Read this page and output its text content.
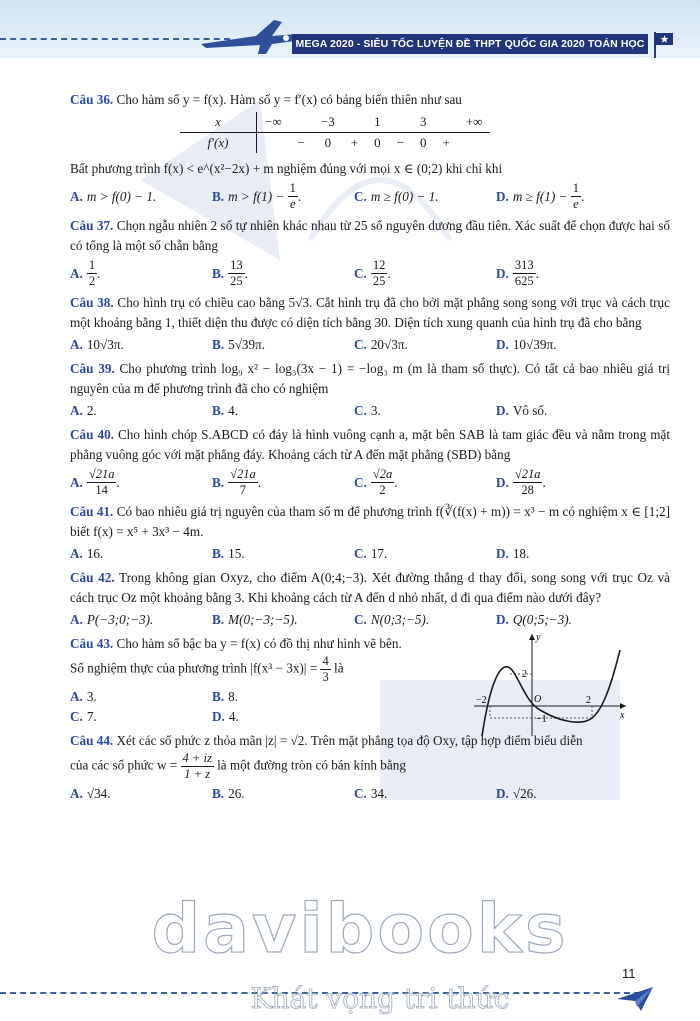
MEGA 2020 - SIÊU TỐC LUYỆN ĐỀ THPT QUỐC GIA 2020 TOÁN HỌC

Câu 36. Cho hàm số y = f(x). Hàm số y = f′(x) có bảng biến thiên như sau

x	−∞		−3		1		3		+∞
f′(x)		−	0	+	0	−	0	+	

Bất phương trình f(x) < e^(x²−2x) + m nghiệm đúng với mọi x ∈ (0;2) khi chỉ khi

A. m > f(0) − 1.	B. m > f(1) −
$\frac{1}{e}$ .	C. m ≥ f(0) − 1.	D. m ≥ f(1) −
$\frac{1}{e}$ .

Câu 37. Chọn ngẫu nhiên 2 số tự nhiên khác nhau từ 25 số nguyên dương đầu tiên. Xác suất để chọn được hai số có tổng là một số chẵn bằng

A. $\frac{1}{2}$ .	B. $\frac{13}{25}$ .	C. $\frac{12}{25}$ .	D. $\frac{313}{625}$ .

Câu 38. Cho hình trụ có chiều cao bằng 5√3. Cắt hình trụ đã cho bởi mặt phẳng song song với trục và cách trục một khoảng bằng 1, thiết diện thu được có diện tích bằng 30. Diện tích xung quanh của hình trụ đã cho bằng

A. 10√3π.	B. 5√39π.	C. 20√3π.	D. 10√39π.

Câu 39. Cho phương trình log₉ x² − log₃(3x − 1) = −log₃ m (m là tham số thực). Có tất cả bao nhiêu giá trị nguyên của m để phương trình đã cho có nghiệm

A. 2.	B. 4.	C. 3.	D. Vô số.

Câu 40. Cho hình chóp S.ABCD có đáy là hình vuông cạnh a, mặt bên SAB là tam giác đều và nằm trong mặt phẳng vuông góc với mặt phẳng đáy. Khoảng cách từ A đến mặt phẳng (SBD) bằng

A. $\frac{√21a}{14}$ .	B. $\frac{√21a}{7}$ .	C. $\frac{√2a}{2}$ .	D. $\frac{√21a}{28}$ .

Câu 41. Có bao nhiêu giá trị nguyên của tham số m để phương trình f(∛(f(x) + m)) = x³ − m có nghiệm x ∈ [1;2] biết f(x) = x⁵ + 3x³ − 4m.

A. 16.	B. 15.	C. 17.	D. 18.

Câu 42. Trong không gian Oxyz, cho điểm A(0;4;−3). Xét đường thẳng d thay đổi, song song với trục Oz và cách trục Oz một khoảng bằng 3. Khi khoảng cách từ A đến d nhỏ nhất, d đi qua điểm nào dưới đây?

A. P(−3;0;−3).	B. M(0;−3;−5).	C. N(0;3;−5).	D. Q(0;5;−3).

Câu 43. Cho hàm số bậc ba y = f(x) có đồ thị như hình vẽ bên.

Số nghiệm thực của phương trình $|f(x^3 - 3x)| = \frac{4}{3}$ là

A. 3.	B. 8.
C. 7.	D. 4.
y
x
O
2
−1
−2	2

Câu 44. Xét các số phức z thỏa mãn |z| = √2. Trên mặt phẳng tọa độ Oxy, tập hợp điểm biểu diễn

của các số phức $w = \frac{4 + iz}{1 + z}$ là một đường tròn có bán kính bằng

A. √34.	B. 26.	C. 34.	D. √26.
davibooks
Khát vọng tri thức
11
